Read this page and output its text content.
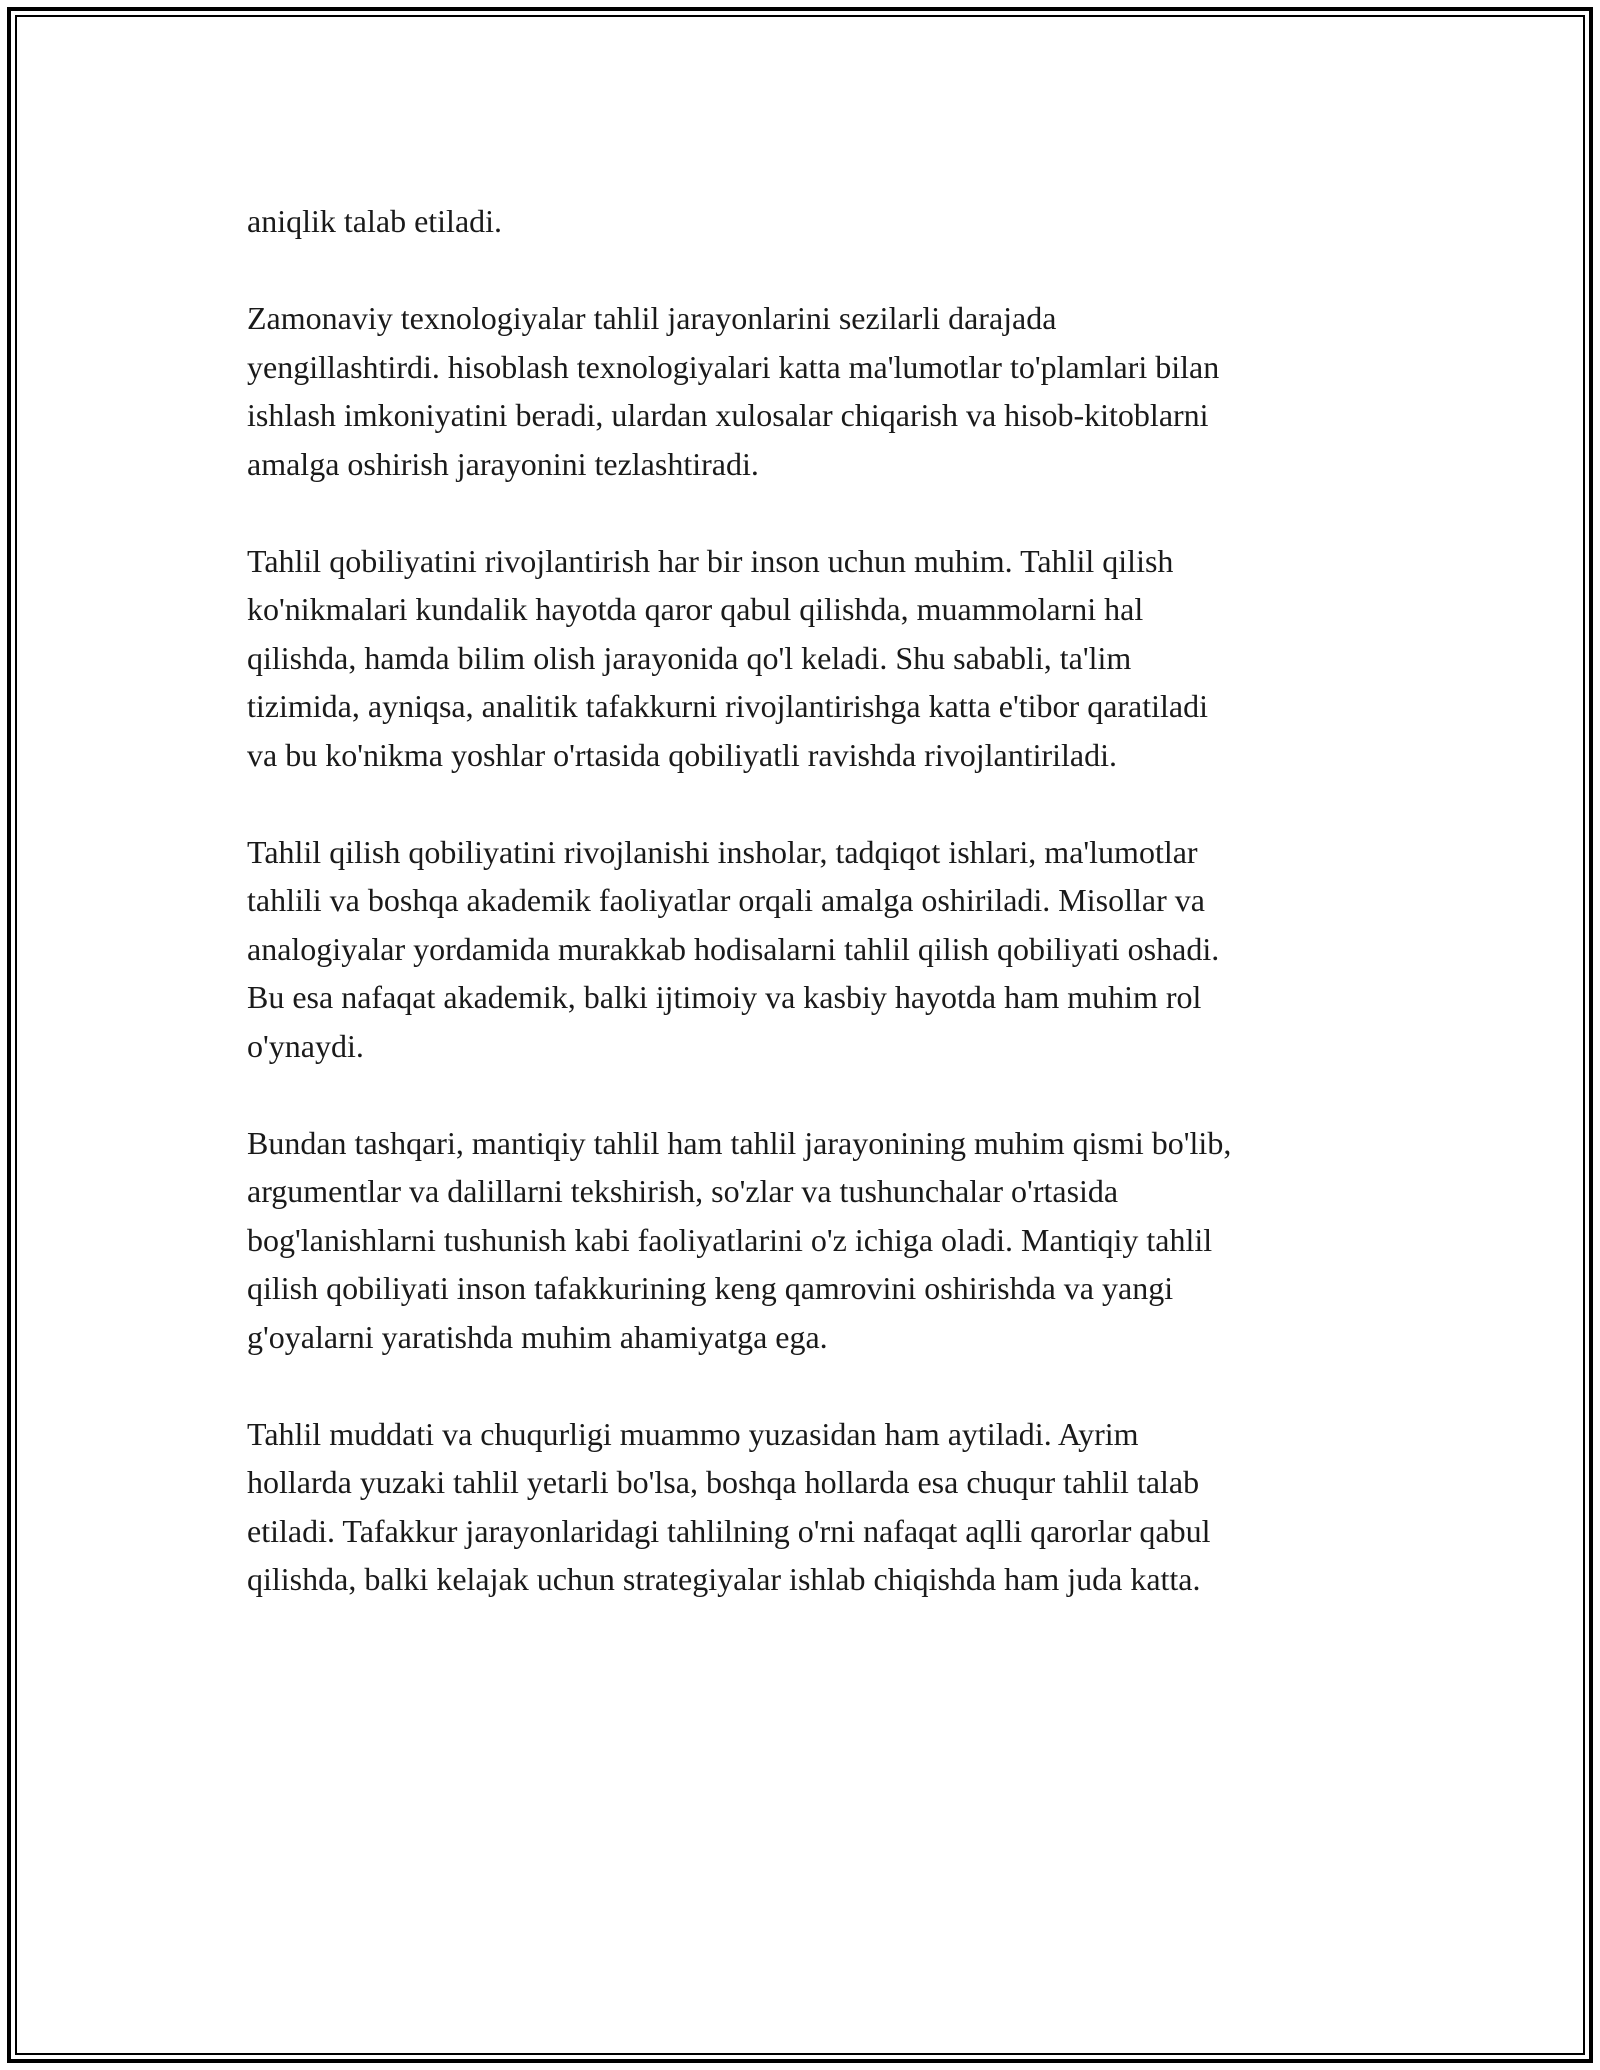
aniqlik talab etiladi.

Zamonaviy texnologiyalar tahlil jarayonlarini sezilarli darajada
yengillashtirdi. hisoblash texnologiyalari katta ma'lumotlar to'plamlari bilan
ishlash imkoniyatini beradi, ulardan xulosalar chiqarish va hisob-kitoblarni
amalga oshirish jarayonini tezlashtiradi.

Tahlil qobiliyatini rivojlantirish har bir inson uchun muhim. Tahlil qilish
ko'nikmalari kundalik hayotda qaror qabul qilishda, muammolarni hal
qilishda, hamda bilim olish jarayonida qo'l keladi. Shu sababli, ta'lim
tizimida, ayniqsa, analitik tafakkurni rivojlantirishga katta e'tibor qaratiladi
va bu ko'nikma yoshlar o'rtasida qobiliyatli ravishda rivojlantiriladi.

Tahlil qilish qobiliyatini rivojlanishi insholar, tadqiqot ishlari, ma'lumotlar
tahlili va boshqa akademik faoliyatlar orqali amalga oshiriladi. Misollar va
analogiyalar yordamida murakkab hodisalarni tahlil qilish qobiliyati oshadi.
Bu esa nafaqat akademik, balki ijtimoiy va kasbiy hayotda ham muhim rol
o'ynaydi.

Bundan tashqari, mantiqiy tahlil ham tahlil jarayonining muhim qismi bo'lib,
argumentlar va dalillarni tekshirish, so'zlar va tushunchalar o'rtasida
bog'lanishlarni tushunish kabi faoliyatlarini o'z ichiga oladi. Mantiqiy tahlil
qilish qobiliyati inson tafakkurining keng qamrovini oshirishda va yangi
g'oyalarni yaratishda muhim ahamiyatga ega.

Tahlil muddati va chuqurligi muammo yuzasidan ham aytiladi. Ayrim
hollarda yuzaki tahlil yetarli bo'lsa, boshqa hollarda esa chuqur tahlil talab
etiladi. Tafakkur jarayonlaridagi tahlilning o'rni nafaqat aqlli qarorlar qabul
qilishda, balki kelajak uchun strategiyalar ishlab chiqishda ham juda katta.
